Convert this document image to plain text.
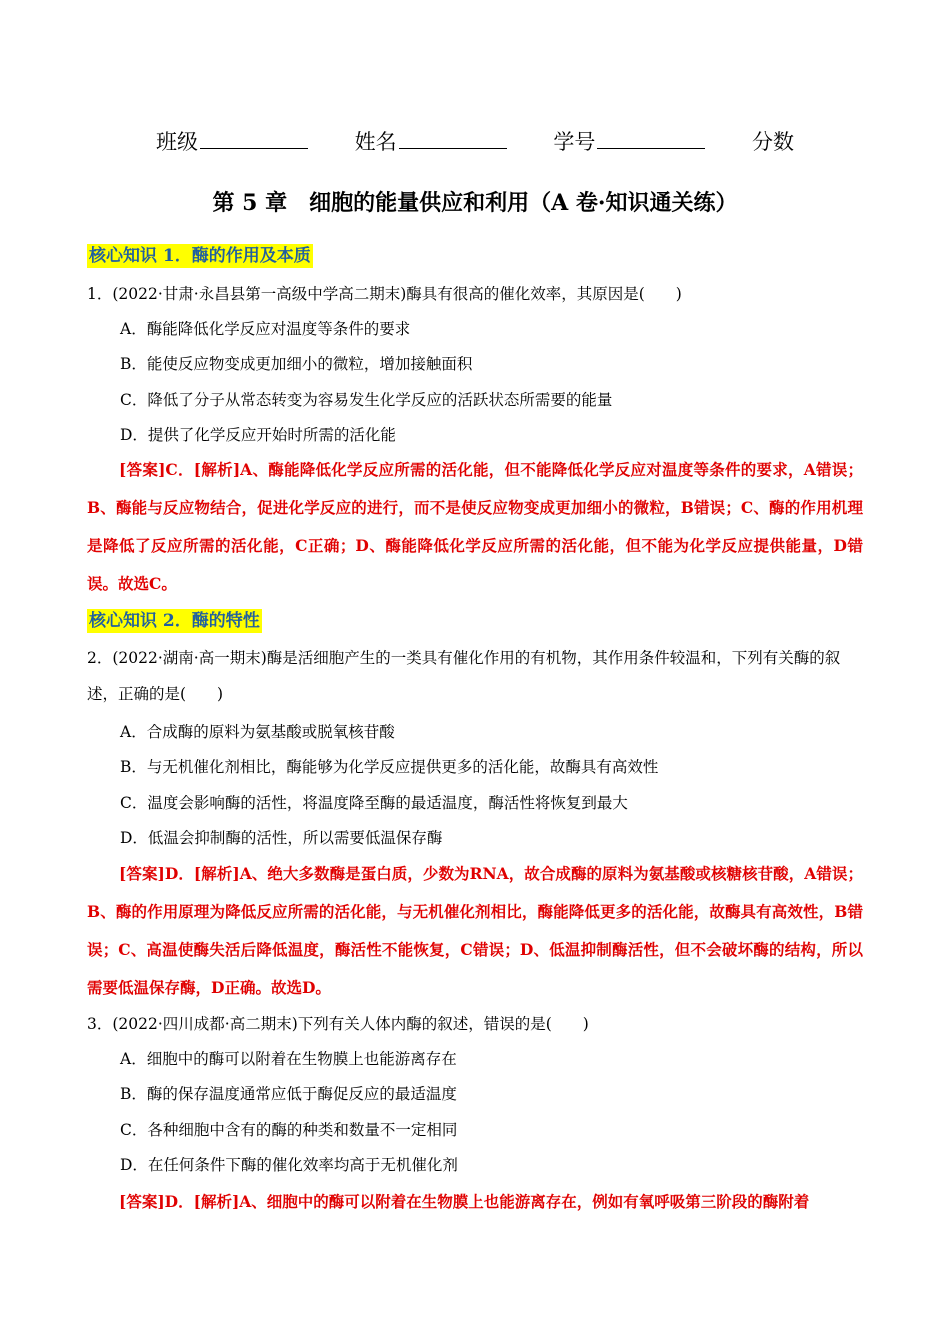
班级	姓名	学号	分数
第 5 章　细胞的能量供应和利用（A 卷·知识通关练）
核心知识 1．酶的作用及本质
1．(2022·甘肃·永昌县第一高级中学高二期末)酶具有很高的催化效率，其原因是(　　)
A．酶能降低化学反应对温度等条件的要求
B．能使反应物变成更加细小的微粒，增加接触面积
C．降低了分子从常态转变为容易发生化学反应的活跃状态所需要的能量
D．提供了化学反应开始时所需的活化能
[答案]C．[解析]A、酶能降低化学反应所需的活化能，但不能降低化学反应对温度等条件的要求，A错误；B、酶能与反应物结合，促进化学反应的进行，而不是使反应物变成更加细小的微粒，B错误；C、酶的作用机理是降低了反应所需的活化能，C正确；D、酶能降低化学反应所需的活化能，但不能为化学反应提供能量，D错误。故选C。
核心知识 2．酶的特性
2．(2022·湖南·高一期末)酶是活细胞产生的一类具有催化作用的有机物，其作用条件较温和，下列有关酶的叙述，正确的是(　　)
A．合成酶的原料为氨基酸或脱氧核苷酸
B．与无机催化剂相比，酶能够为化学反应提供更多的活化能，故酶具有高效性
C．温度会影响酶的活性，将温度降至酶的最适温度，酶活性将恢复到最大
D．低温会抑制酶的活性，所以需要低温保存酶
[答案]D．[解析]A、绝大多数酶是蛋白质，少数为RNA，故合成酶的原料为氨基酸或核糖核苷酸，A错误；B、酶的作用原理为降低反应所需的活化能，与无机催化剂相比，酶能降低更多的活化能，故酶具有高效性，B错误；C、高温使酶失活后降低温度，酶活性不能恢复，C错误；D、低温抑制酶活性，但不会破坏酶的结构，所以需要低温保存酶，D正确。故选D。
3．(2022·四川成都·高二期末)下列有关人体内酶的叙述，错误的是(　　)
A．细胞中的酶可以附着在生物膜上也能游离存在
B．酶的保存温度通常应低于酶促反应的最适温度
C．各种细胞中含有的酶的种类和数量不一定相同
D．在任何条件下酶的催化效率均高于无机催化剂
[答案]D．[解析]A、细胞中的酶可以附着在生物膜上也能游离存在，例如有氧呼吸第三阶段的酶附着
